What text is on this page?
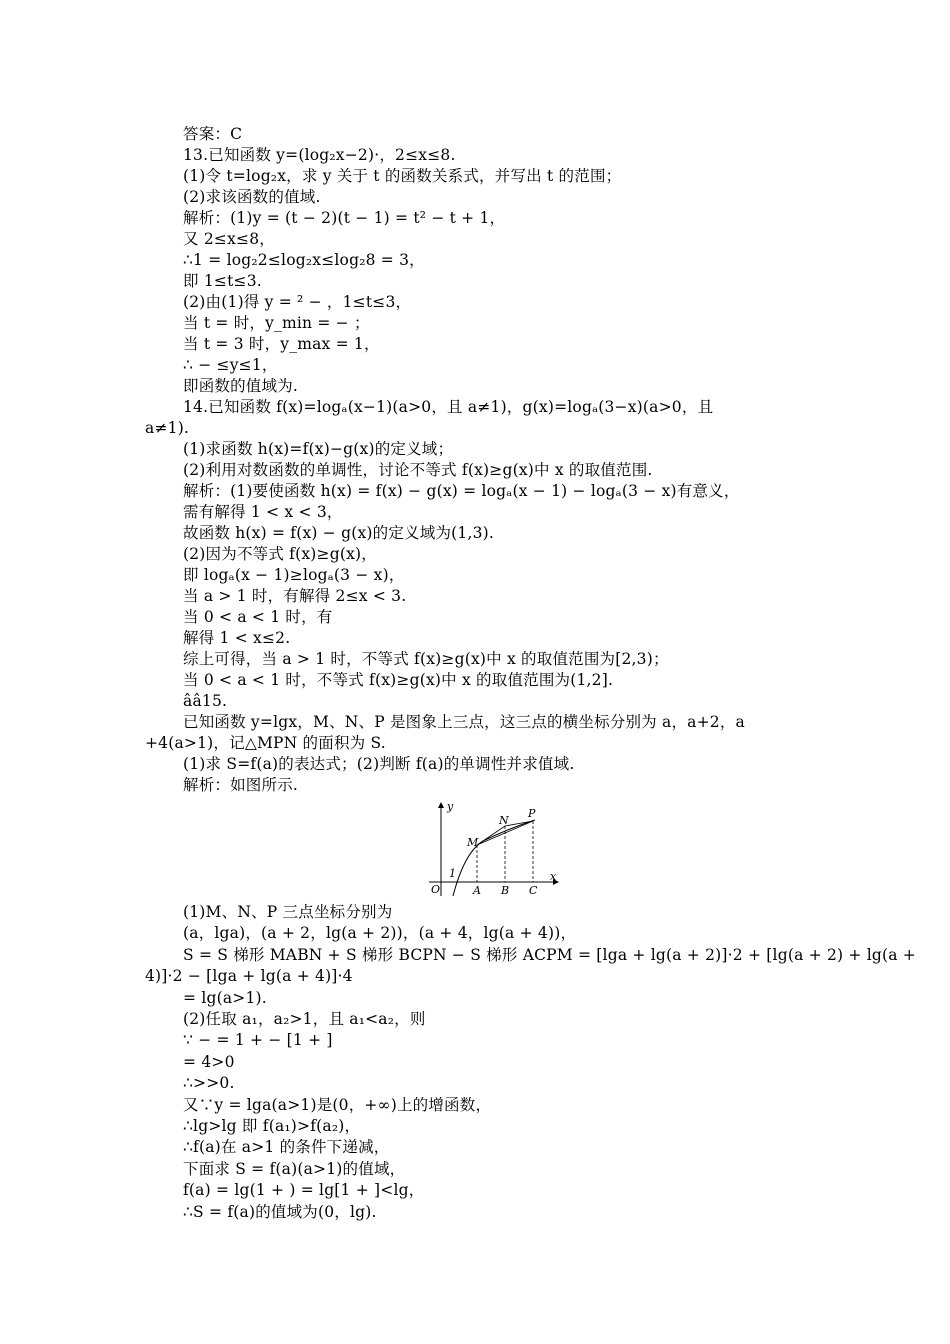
答案：C
13.已知函数 y=(log₂x−2)·，2≤x≤8.
(1)令 t=log₂x，求 y 关于 t 的函数关系式，并写出 t 的范围；
(2)求该函数的值域.
解析：(1)y = (t − 2)(t − 1) = t² − t + 1，
又 2≤x≤8，
∴1 = log₂2≤log₂x≤log₂8 = 3，
即 1≤t≤3.
(2)由(1)得 y = ² − ，1≤t≤3，
当 t = 时，y_min = − ；
当 t = 3 时，y_max = 1，
∴ − ≤y≤1，
即函数的值域为.
14.已知函数 f(x)=logₐ(x−1)(a>0，且 a≠1)，g(x)=logₐ(3−x)(a>0，且
a≠1).
(1)求函数 h(x)=f(x)−g(x)的定义域；
(2)利用对数函数的单调性，讨论不等式 f(x)≥g(x)中 x 的取值范围.
解析：(1)要使函数 h(x) = f(x) − g(x) = logₐ(x − 1) − logₐ(3 − x)有意义，
需有解得 1 < x < 3，
故函数 h(x) = f(x) − g(x)的定义域为(1,3).
(2)因为不等式 f(x)≥g(x)，
即 logₐ(x − 1)≥logₐ(3 − x)，
当 a > 1 时，有解得 2≤x < 3.
当 0 < a < 1 时，有
解得 1 < x≤2.
综上可得，当 a > 1 时，不等式 f(x)≥g(x)中 x 的取值范围为[2,3)；
当 0 < a < 1 时，不等式 f(x)≥g(x)中 x 的取值范围为(1,2].
ââ15.
已知函数 y=lgx，M、N、P 是图象上三点，这三点的横坐标分别为 a，a+2，a
+4(a>1)，记△MPN 的面积为 S.
(1)求 S=f(a)的表达式；(2)判断 f(a)的单调性并求值域.
解析：如图所示.
y
x
O
1
M
N
P
A B C
(1)M、N、P 三点坐标分别为
(a，lga)，(a + 2，lg(a + 2))，(a + 4，lg(a + 4))，
S = S 梯形 MABN + S 梯形 BCPN − S 梯形 ACPM = [lga + lg(a + 2)]·2 + [lg(a + 2) + lg(a +
4)]·2 − [lga + lg(a + 4)]·4
= lg(a>1).
(2)任取 a₁，a₂>1，且 a₁<a₂，则
∵ − = 1 + − [1 + ]
= 4>0
∴>>0.
又∵y = lga(a>1)是(0，+∞)上的增函数，
∴lg>lg 即 f(a₁)>f(a₂)，
∴f(a)在 a>1 的条件下递减，
下面求 S = f(a)(a>1)的值域，
f(a) = lg(1 + ) = lg[1 + ]<lg，
∴S = f(a)的值域为(0，lg).
